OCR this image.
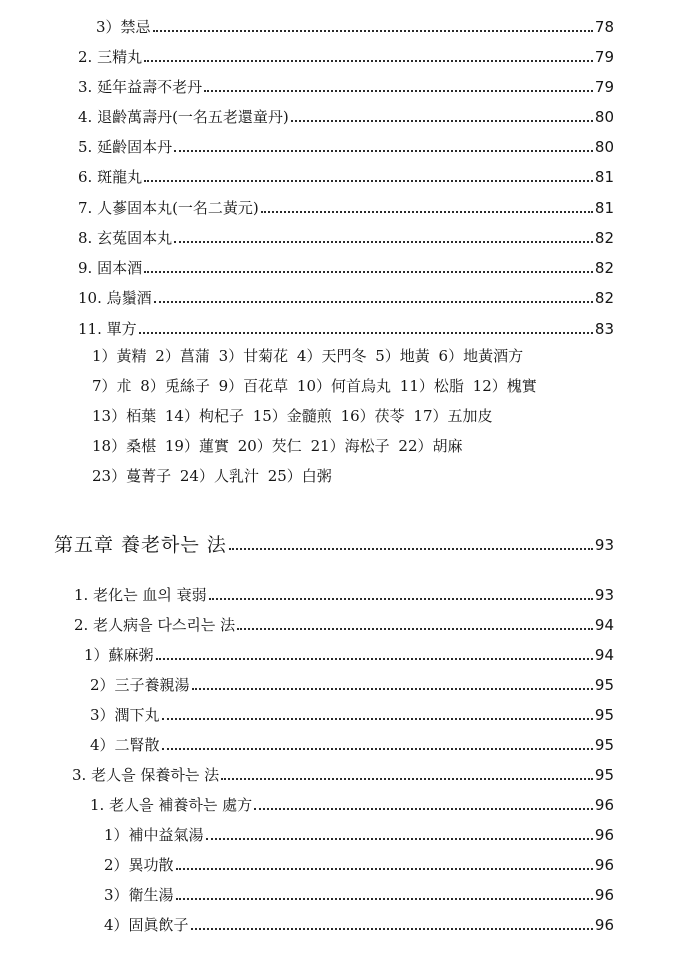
3）禁忌	78
2. 三精丸	79
3. 延年益壽不老丹	79
4. 退齡萬壽丹(一名五老還童丹)	80
5. 延齡固本丹	80
6. 斑龍丸	81
7. 人蔘固本丸(一名二黃元)	81
8. 玄菟固本丸	82
9. 固本酒	82
10. 烏鬚酒	82
11. 單方	83
1）黃精 2）菖蒲 3）甘菊花 4）天門冬 5）地黃 6）地黃酒方
7）朮 8）兎絲子 9）百花草 10）何首烏丸 11）松脂 12）槐實
13）栢葉 14）枸杞子 15）金髓煎 16）茯苓 17）五加皮
18）桑椹 19）蓮實 20）芡仁 21）海松子 22）胡麻
23）蔓菁子 24）人乳汁 25）白粥
第五章 養老하는 法	93
1. 老化는 血의 衰弱	93
2. 老人病을 다스리는 法	94
1）蘇麻粥	94
2）三子養親湯	95
3）潤下丸	95
4）二腎散	95
3. 老人을 保養하는 法	95
1. 老人을 補養하는 處方	96
1）補中益氣湯	96
2）異功散	96
3）衛生湯	96
4）固眞飲子	96
